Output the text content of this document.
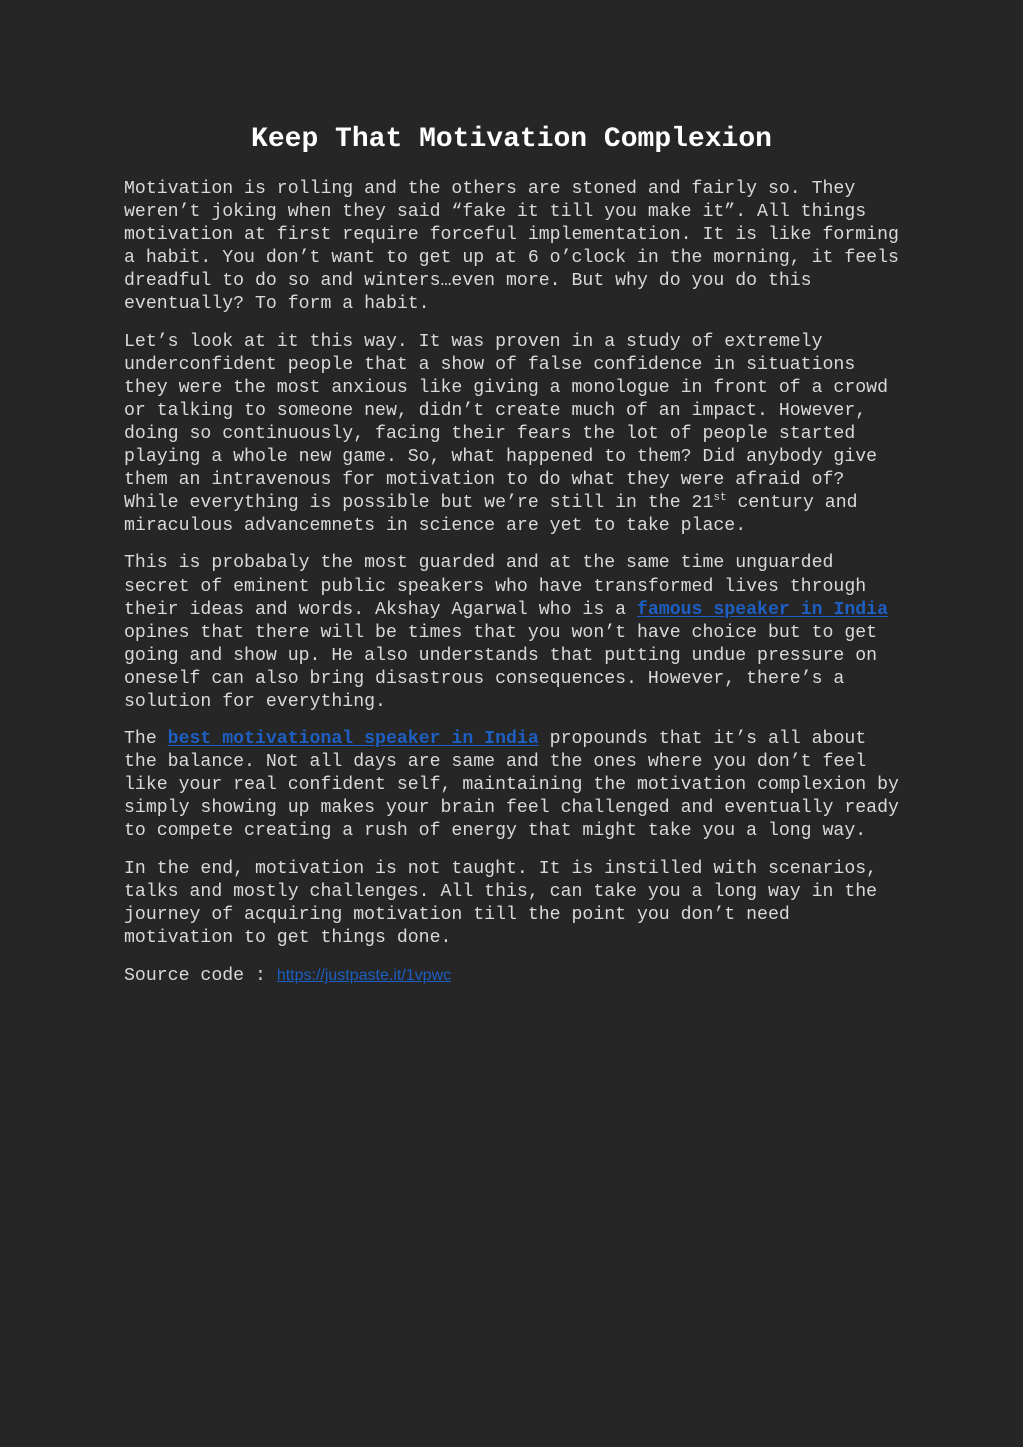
Keep That Motivation Complexion

Motivation is rolling and the others are stoned and fairly so. They weren’t joking when they said “fake it till you make it”. All things motivation at first require forceful implementation. It is like forming a habit. You don’t want to get up at 6 o’clock in the morning, it feels dreadful to do so and winters…even more. But why do you do this eventually? To form a habit.

Let’s look at it this way. It was proven in a study of extremely underconfident people that a show of false confidence in situations they were the most anxious like giving a monologue in front of a crowd or talking to someone new, didn’t create much of an impact. However, doing so continuously, facing their fears the lot of people started playing a whole new game. So, what happened to them? Did anybody give them an intravenous for motivation to do what they were afraid of? While everything is possible but we’re still in the 21st century and miraculous advancemnets in science are yet to take place.

This is probabaly the most guarded and at the same time unguarded secret of eminent public speakers who have transformed lives through their ideas and words. Akshay Agarwal who is a famous speaker in India opines that there will be times that you won’t have choice but to get going and show up. He also understands that putting undue pressure on oneself can also bring disastrous consequences. However, there’s a solution for everything.

The best motivational speaker in India propounds that it’s all about the balance. Not all days are same and the ones where you don’t feel like your real confident self, maintaining the motivation complexion by simply showing up makes your brain feel challenged and eventually ready to compete creating a rush of energy that might take you a long way.

In the end, motivation is not taught. It is instilled with scenarios, talks and mostly challenges. All this, can take you a long way in the journey of acquiring motivation till the point you don’t need motivation to get things done.

Source code : https://justpaste.it/1vpwc
